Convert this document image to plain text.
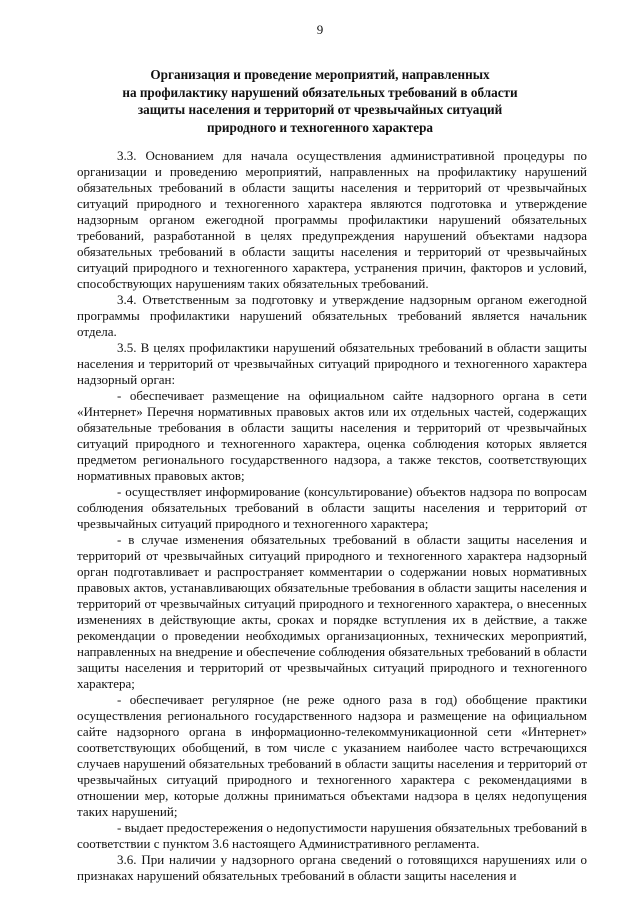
9
Организация и проведение мероприятий, направленных
на профилактику нарушений обязательных требований в области
защиты населения и территорий от чрезвычайных ситуаций
природного и техногенного характера

3.3. Основанием для начала осуществления административной процедуры по организации и проведению мероприятий, направленных на профилактику нарушений обязательных требований в области защиты населения и территорий от чрезвычайных ситуаций природного и техногенного характера являются подготовка и утверждение надзорным органом ежегодной программы профилактики нарушений обязательных требований, разработанной в целях предупреждения нарушений объектами надзора обязательных требований в области защиты населения и территорий от чрезвычайных ситуаций природного и техногенного характера, устранения причин, факторов и условий, способствующих нарушениям таких обязательных требований.

3.4. Ответственным за подготовку и утверждение надзорным органом ежегодной программы профилактики нарушений обязательных требований является начальник отдела.

3.5. В целях профилактики нарушений обязательных требований в области защиты населения и территорий от чрезвычайных ситуаций природного и техногенного характера надзорный орган:

- обеспечивает размещение на официальном сайте надзорного органа в сети «Интернет» Перечня нормативных правовых актов или их отдельных частей, содержащих обязательные требования в области защиты населения и территорий от чрезвычайных ситуаций природного и техногенного характера, оценка соблюдения которых является предметом регионального государственного надзора, а также текстов, соответствующих нормативных правовых актов;

- осуществляет информирование (консультирование) объектов надзора по вопросам соблюдения обязательных требований в области защиты населения и территорий от чрезвычайных ситуаций природного и техногенного характера;

- в случае изменения обязательных требований в области защиты населения и территорий от чрезвычайных ситуаций природного и техногенного характера надзорный орган подготавливает и распространяет комментарии о содержании новых нормативных правовых актов, устанавливающих обязательные требования в области защиты населения и территорий от чрезвычайных ситуаций природного и техногенного характера, о внесенных изменениях в действующие акты, сроках и порядке вступления их в действие, а также рекомендации о проведении необходимых организационных, технических мероприятий, направленных на внедрение и обеспечение соблюдения обязательных требований в области защиты населения и территорий от чрезвычайных ситуаций природного и техногенного характера;

- обеспечивает регулярное (не реже одного раза в год) обобщение практики осуществления регионального государственного надзора и размещение на официальном сайте надзорного органа в информационно-телекоммуникационной сети «Интернет» соответствующих обобщений, в том числе с указанием наиболее часто встречающихся случаев нарушений обязательных требований в области защиты населения и территорий от чрезвычайных ситуаций природного и техногенного характера с рекомендациями в отношении мер, которые должны приниматься объектами надзора в целях недопущения таких нарушений;

- выдает предостережения о недопустимости нарушения обязательных требований в соответствии с пунктом 3.6 настоящего Административного регламента.

3.6. При наличии у надзорного органа сведений о готовящихся нарушениях или о признаках нарушений обязательных требований в области защиты населения и
